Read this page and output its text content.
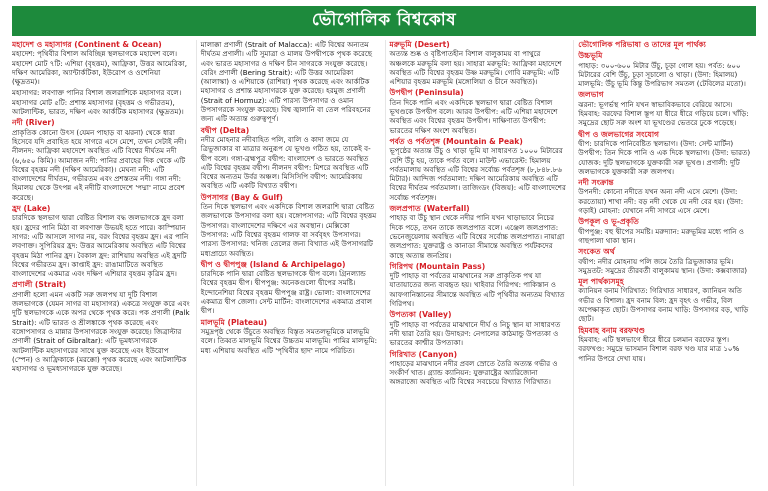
ভৌগোলিক বিশ্বকোষ

মহাদেশ ও মহাসাগর (Continent & Ocean)

মহাদেশ: পৃথিবীর বিশাল অবিচ্ছিন্ন স্থলভাগকে মহাদেশ বলে। মহাদেশ মোট ৭টি: এশিয়া (বৃহত্তম), আফ্রিকা, উত্তর আমেরিকা, দক্ষিণ আমেরিকা, অ্যান্টার্কটিকা, ইউরোপ ও ওশেনিয়া (ক্ষুদ্রতম)।

মহাসাগর: লবণাক্ত পানির বিশাল জলরাশিকে মহাসাগর বলে। মহাসাগর মোট ৫টি: প্রশান্ত মহাসাগর (বৃহত্তম ও গভীরতম), আটলান্টিক, ভারত, দক্ষিণ এবং আর্কটিক মহাসাগর (ক্ষুদ্রতম)।

নদী (River)

প্রাকৃতিক কোনো উৎস (যেমন পাহাড় বা ঝরনা) থেকে ধারা হিসেবে যদি প্রবাহিত হয়ে সাগরে এসে মেশে, তখন সেটাই নদী। নীলনদ: আফ্রিকা মহাদেশে অবস্থিত এটি বিশ্বের দীর্ঘতম নদী (৬,৬৫০ কিমি)। আমাজন নদী: পানির প্রবাহের দিক থেকে এটি বিশ্বের বৃহত্তম নদী (দক্ষিণ আমেরিকা)। মেঘনা নদী: এটি বাংলাদেশের দীর্ঘতম, গভীরতম এবং প্রশস্ততম নদী। গঙ্গা নদী: হিমালয় থেকে উৎপন্ন এই নদীটি বাংলাদেশে 'পদ্মা' নামে প্রবেশ করেছে।

হ্রদ (Lake)

চারদিকে স্থলভাগ দ্বারা বেষ্টিত বিশাল বদ্ধ জলভাগকে হ্রদ বলা হয়। হ্রদের পানি মিঠা বা লবণাক্ত উভয়ই হতে পারে। কাস্পিয়ান সাগর: এটি আসলে সাগর নয়, বরং বিশ্বের বৃহত্তম হ্রদ। এর পানি লবণাক্ত। সুপিরিয়র হ্রদ: উত্তর আমেরিকায় অবস্থিত এটি বিশ্বের বৃহত্তম মিঠা পানির হ্রদ। বৈকাল হ্রদ: রাশিয়ায় অবস্থিত এই হ্রদটি বিশ্বের গভীরতম হ্রদ। কাপ্তাই হ্রদ: রাঙামাটিতে অবস্থিত বাংলাদেশের একমাত্র এবং দক্ষিণ এশিয়ার বৃহত্তম কৃত্রিম হ্রদ।

প্রণালী (Strait)

প্রণালী হলো এমন একটি সরু জলপথ যা দুটি বিশাল জলভাগকে (যেমন সাগর বা মহাসাগর) একত্রে সংযুক্ত করে এবং দুটি স্থলভাগকে একে অপর থেকে পৃথক করে। পক প্রণালী (Palk Strait): এটি ভারত ও শ্রীলঙ্কাকে পৃথক করেছে এবং বঙ্গোপসাগর ও মান্নার উপসাগরকে সংযুক্ত করেছে। জিব্রাল্টার প্রণালী (Strait of Gibraltar): এটি ভূমধ্যসাগরকে আটলান্টিক মহাসাগরের সাথে যুক্ত করেছে এবং ইউরোপ (স্পেন) ও আফ্রিকাকে (মরক্কো) পৃথক করেছে এবং আটলান্টিক মহাসাগর ও ভূমধ্যসাগরকে যুক্ত করেছে।

মালাক্কা প্রণালী (Strait of Malacca): এটি বিশ্বের অন্যতম দীর্ঘতম প্রণালী। এটি সুমাত্রা ও মালয় উপদ্বীপকে পৃথক করেছে এবং ভারত মহাসাগর ও দক্ষিণ চীন সাগরকে সংযুক্ত করেছে। বেরিং প্রণালী (Bering Strait): এটি উত্তর আমেরিকা (আলাস্কা) ও এশিয়াকে (রাশিয়া) পৃথক করেছে এবং আর্কটিক মহাসাগর ও প্রশান্ত মহাসাগরকে যুক্ত করেছে। হরমুজ প্রণালী (Strait of Hormuz): এটি পারস্য উপসাগর ও ওমান উপসাগরকে সংযুক্ত করেছে। বিশ্ব জ্বালানি বা তেল পরিবহনের জন্য এটি অত্যন্ত গুরুত্বপূর্ণ।

বদ্বীপ (Delta)

নদীর মোহনার নদীবাহিত পলি, বালি ও কাদা জমে যে ত্রিভুজাকার বা মাত্রার অনুরূপ যে ভূখণ্ড গঠিত হয়, তাকেই ব-দ্বীপ বলে। গঙ্গা-ব্রহ্মপুত্র বদ্বীপ: বাংলাদেশ ও ভারতে অবস্থিত এটি বিশ্বের বৃহত্তম বদ্বীপ। নীলনদ বদ্বীপ: মিশরে অবস্থিত এটি বিশ্বের অন্যতম উর্বর অঞ্চল। মিসিসিপি বদ্বীপ: আমেরিকায় অবস্থিত এটি একটি বিখ্যাত বদ্বীপ।

উপসাগর (Bay & Gulf)

তিন দিকে স্থলভাগ এবং একদিকে বিশাল জলরাশি দ্বারা বেষ্টিত জলভাগকে উপসাগর বলা হয়। বঙ্গোপসাগর: এটি বিশ্বের বৃহত্তম উপসাগর। বাংলাদেশের দক্ষিণে এর অবস্থান। মেক্সিকো উপসাগর: এটি বিশ্বের বৃহত্তম গালফ বা সর্ববৃহৎ উপসাগর। পারস্য উপসাগর: খনিজ তেলের জন্য বিখ্যাত এই উপসাগরটি মধ্যপ্রাচ্যে অবস্থিত।

দ্বীপ ও দ্বীপপুঞ্জ (Island & Archipelago)

চারদিকে পানি দ্বারা বেষ্টিত স্থলভাগকে দ্বীপ বলে। গ্রিনল্যান্ড বিশ্বের বৃহত্তম দ্বীপ। দ্বীপপুঞ্জ: অনেকগুলো দ্বীপের সমষ্টি। ইন্দোনেশিয়া বিশ্বের বৃহত্তম দ্বীপপুঞ্জ রাষ্ট্র। ভোলা: বাংলাদেশের একমাত্র দ্বীপ জেলা। সেন্ট মার্টিন: বাংলাদেশের একমাত্র প্রবাল দ্বীপ।

মালভূমি (Plateau)

সমুদ্রপৃষ্ঠ থেকে উঁচুতে অবস্থিত বিস্তৃত সমতলভূমিকে মালভূমি বলে। তিব্বত মালভূমি বিশ্বের উচ্চতম মালভূমি। পামির মালভূমি: মধ্য এশিয়ায় অবস্থিত এটি 'পৃথিবীর ছাদ' নামে পরিচিত।

মরুভূমি (Desert)

অত্যন্ত শুষ্ক ও বৃষ্টিপাতহীন বিশাল বালুকাময় বা পাথুরে অঞ্চলকে মরুভূমি বলা হয়। সাহারা মরুভূমি: আফ্রিকা মহাদেশে অবস্থিত এটি বিশ্বের বৃহত্তম উষ্ণ মরুভূমি। গোবি মরুভূমি: এটি এশিয়ার বৃহত্তম মরুভূমি (মঙ্গোলিয়া ও চীনে অবস্থিত)।

উপদ্বীপ (Peninsula)

তিন দিকে পানি এবং একদিকে স্থলভাগ দ্বারা বেষ্টিত বিশাল ভূখণ্ডকে উপদ্বীপ বলে। আরব উপদ্বীপ: এটি এশিয়া মহাদেশে অবস্থিত এবং বিশ্বের বৃহত্তম উপদ্বীপ। দাক্ষিণাত্য উপদ্বীপ: ভারতের দক্ষিণ অংশে অবস্থিত।

পর্বত ও পর্বতশৃঙ্গ (Mountain & Peak)

ভূপৃষ্ঠের অত্যন্ত উঁচু ও খাড়া ভূমি যা সাধারণত ১০০০ মিটারের বেশি উঁচু হয়, তাকে পর্বত বলে। মাউন্ট এভারেস্ট: হিমালয় পর্বতমালায় অবস্থিত এটি বিশ্বের সর্বোচ্চ পর্বতশৃঙ্গ (৮,৮৪৮.৮৬ মিটার)। আন্দিজ পর্বতমালা: দক্ষিণ আমেরিকায় অবস্থিত এটি বিশ্বের দীর্ঘতম পর্বতমালা। তাজিংডং (বিজয়): এটি বাংলাদেশের সর্বোচ্চ পর্বতশৃঙ্গ।

জলপ্রপাত (Waterfall)

পাহাড় বা উঁচু স্থান থেকে নদীর পানি যখন খাড়াভাবে নিচের দিকে পড়ে, তখন তাকে জলপ্রপাত বলে। এঞ্জেল জলপ্রপাত: ভেনেজুয়েলায় অবস্থিত এটি বিশ্বের সর্বোচ্চ জলপ্রপাত। নায়াগ্রা জলপ্রপাত: যুক্তরাষ্ট্র ও কানাডা সীমান্তে অবস্থিত পর্যটকদের কাছে অত্যন্ত জনপ্রিয়।

গিরিপথ (Mountain Pass)

দুটি পাহাড় বা পর্বতের মাঝখানের সরু প্রাকৃতিক পথ যা যাতায়াতের জন্য ব্যবহৃত হয়। খাইবার গিরিপথ: পাকিস্তান ও আফগানিস্তানের সীমান্তে অবস্থিত এটি পৃথিবীর অন্যতম বিখ্যাত গিরিপথ।

উপত্যকা (Valley)

দুটি পাহাড় বা পর্বতের মাঝখানে দীর্ঘ ও নিচু স্থান যা সাধারণত নদী দ্বারা তৈরি হয়। উদাহরণ: নেপালের কাঠমান্ডু উপত্যকা ও ভারতের কাশ্মীর উপত্যকা।

গিরিখাত (Canyon)

পাহাড়ের মাঝখানে নদীর প্রবল স্রোতে তৈরি অত্যন্ত গভীর ও সংকীর্ণ খাত। গ্র্যান্ড ক্যানিয়ন: যুক্তরাষ্ট্রের অ্যারিজোনা অঙ্গরাজ্যে অবস্থিত এটি বিশ্বের সবচেয়ে বিখ্যাত গিরিখাত।

ভৌগোলিক পরিভাষা ও তাদের মূল পার্থক্য

উচ্চভূমি

পাহাড়: ৩০০-৬০০ মিটার উঁচু, চূড়া গোল হয়। পর্বত: ৬০০ মিটারের বেশি উঁচু, চূড়া সূচালো ও খাড়া। (উদা: হিমালয়) মালভূমি: উঁচু ভূমি কিন্তু উপরিভাগ সমতল (টেবিলের মতো)।

জলভাগ

ঝরনা: ভূগর্ভস্থ পানি যখন স্বাভাবিকভাবে বেরিয়ে আসে। হিমবাহ: বরফের বিশাল স্তূপ যা ধীরে ধীরে গড়িয়ে চলে। খাঁড়ি: সমুদ্রের ছোট সরু অংশ যা ভূখণ্ডের ভেতরে ঢুকে পড়েছে।

দ্বীপ ও জলভাগের সংযোগ

দ্বীপ: চারদিকে পানিবেষ্টিত স্থলভাগ। (উদা: সেন্ট মার্টিন) উপদ্বীপ: তিন দিকে পানি ও এক দিকে স্থলভাগ। (উদা: ভারত) যোজক: দুটি স্থলভাগকে যুক্তকারী সরু ভূখণ্ড। প্রণালী: দুটি জলভাগকে যুক্তকারী সরু জলপথ।

নদী সংক্রান্ত

উপনদী: কোনো নদীতে যখন অন্য নদী এসে মেশে। (উদা: করতোয়া) শাখা নদী: বড় নদী থেকে যে নদী বের হয়। (উদা: গড়াই) মোহনা: যেখানে নদী সাগরে এসে মেশে।

উপকূল ও ভূ-প্রকৃতি

দ্বীপপুঞ্জ: বহু দ্বীপের সমষ্টি। মরুদ্যান: মরুভূমির মধ্যে পানি ও গাছপালা থাকা স্থান।

সংকেত অর্থ

বদ্বীপ: নদীর মোহনায় পলি জমে তৈরি ত্রিভুজাকার ভূমি। সমুদ্রতট: সমুদ্রের তীরবর্তী বালুকাময় স্থান। (উদা: কক্সবাজার)

মূল পার্থক্যসমূহ

ক্যানিয়ন বনাম গিরিখাত: গিরিখাত সাধারণ, ক্যানিয়ন অতি গভীর ও বিশাল। হ্রদ বনাম বিল: হ্রদ বৃহৎ ও গভীর, বিল অপেক্ষাকৃত ছোট। উপসাগর বনাম খাড়ি: উপসাগর বড়, খাড়ি ছোট।

হিমবাহ বনাম বরফখণ্ড

হিমবাহ: এটি স্থলভাগে ধীরে ধীরে চলমান বরফের স্তূপ। বরফখণ্ড: সমুদ্রে ভাসমান বিশাল বরফ খণ্ড যার মাত্র ১০% পানির উপরে দেখা যায়।
